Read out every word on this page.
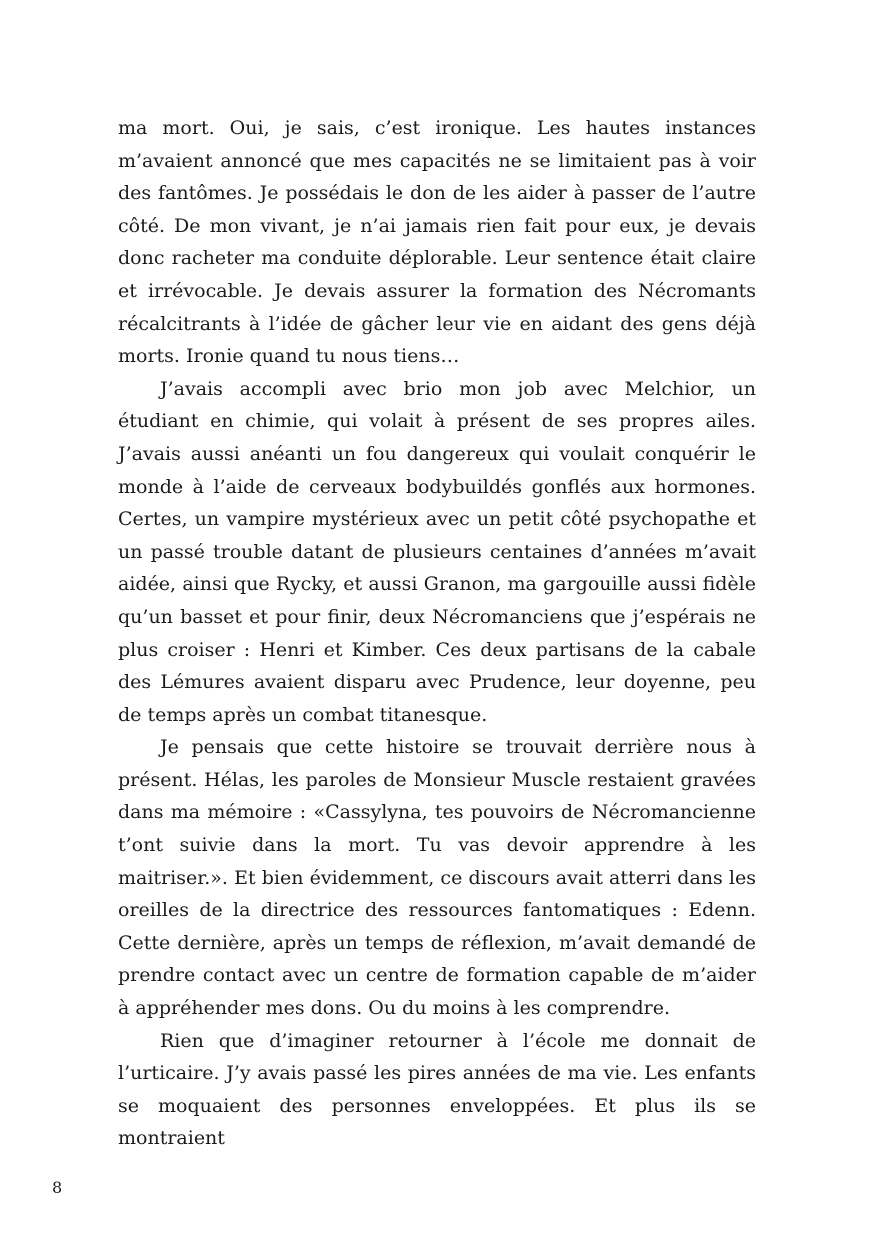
ma mort. Oui, je sais, c’est ironique. Les hautes instances m’avaient annoncé que mes capacités ne se limitaient pas à voir des fantômes. Je possédais le don de les aider à passer de l’autre côté. De mon vivant, je n’ai jamais rien fait pour eux, je devais donc racheter ma conduite déplorable. Leur sentence était claire et irrévocable. Je devais assurer la formation des Nécromants récalcitrants à l’idée de gâcher leur vie en aidant des gens déjà morts. Ironie quand tu nous tiens…

J’avais accompli avec brio mon job avec Melchior, un étudiant en chimie, qui volait à présent de ses propres ailes. J’avais aussi anéanti un fou dangereux qui voulait conquérir le monde à l’aide de cerveaux bodybuildés gonflés aux hormones. Certes, un vampire mystérieux avec un petit côté psychopathe et un passé trouble datant de plusieurs centaines d’années m’avait aidée, ainsi que Rycky, et aussi Granon, ma gargouille aussi fidèle qu’un basset et pour finir, deux Nécromanciens que j’espérais ne plus croiser : Henri et Kimber. Ces deux partisans de la cabale des Lémures avaient disparu avec Prudence, leur doyenne, peu de temps après un combat titanesque.

Je pensais que cette histoire se trouvait derrière nous à présent. Hélas, les paroles de Monsieur Muscle restaient gravées dans ma mémoire : «Cassylyna, tes pouvoirs de Nécromancienne t’ont suivie dans la mort. Tu vas devoir apprendre à les maitriser.». Et bien évidemment, ce discours avait atterri dans les oreilles de la directrice des ressources fantomatiques : Edenn. Cette dernière, après un temps de réflexion, m’avait demandé de prendre contact avec un centre de formation capable de m’aider à appréhender mes dons. Ou du moins à les comprendre.

Rien que d’imaginer retourner à l’école me donnait de l’urticaire. J’y avais passé les pires années de ma vie. Les enfants se moquaient des personnes enveloppées. Et plus ils se montraient

8
